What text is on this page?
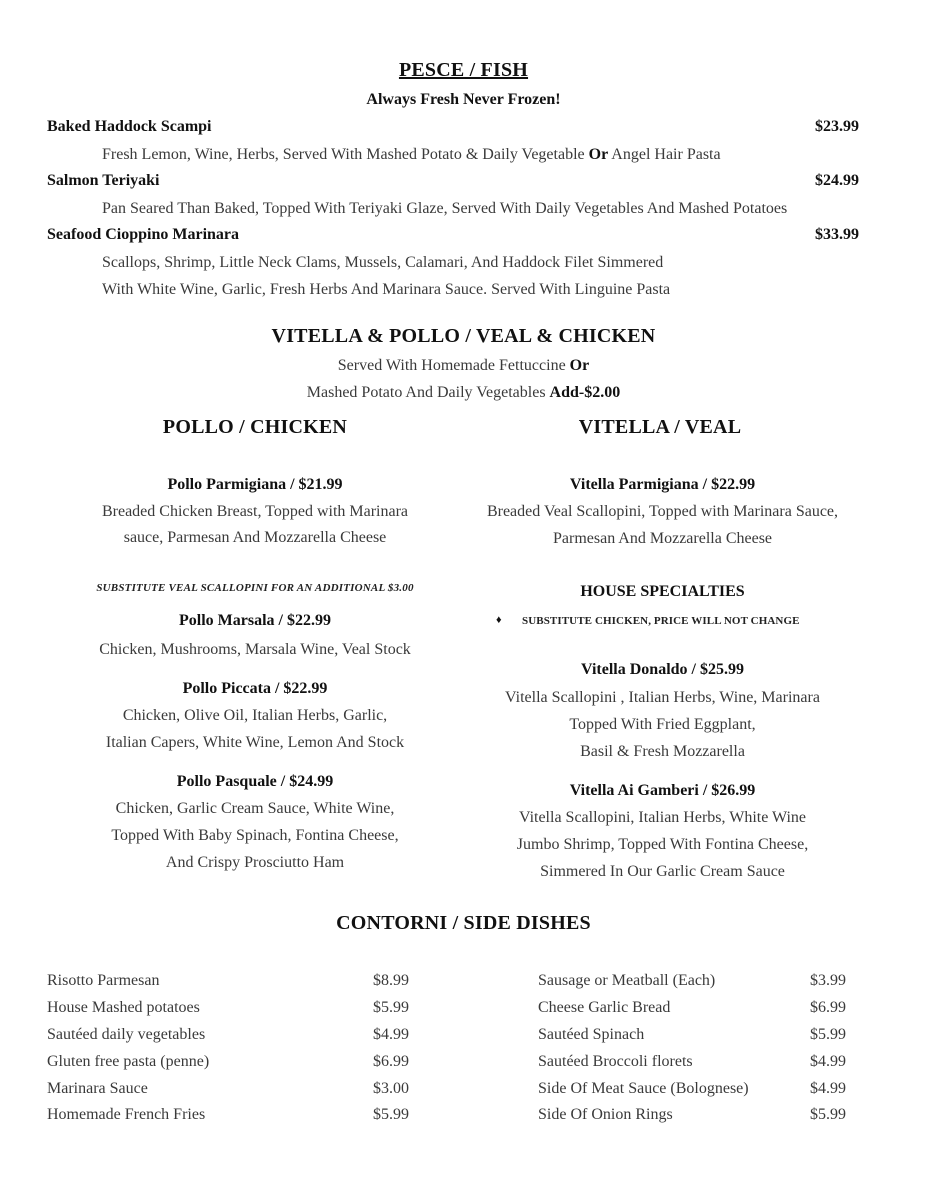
PESCE / FISH
Always Fresh Never Frozen!
Baked Haddock Scampi	$23.99
Fresh Lemon, Wine, Herbs, Served With Mashed Potato & Daily Vegetable Or Angel Hair Pasta
Salmon Teriyaki	$24.99
Pan Seared Than Baked, Topped With Teriyaki Glaze, Served With Daily Vegetables And Mashed Potatoes
Seafood Cioppino Marinara	$33.99
Scallops, Shrimp, Little Neck Clams, Mussels, Calamari, And Haddock Filet Simmered
With White Wine, Garlic, Fresh Herbs And Marinara Sauce. Served With Linguine Pasta
VITELLA & POLLO / VEAL & CHICKEN
Served With Homemade Fettuccine Or
Mashed Potato And Daily Vegetables Add-$2.00
POLLO / CHICKEN	VITELLA / VEAL
Pollo Parmigiana / $21.99
Breaded Chicken Breast, Topped with Marinara
sauce, Parmesan And Mozzarella Cheese
SUBSTITUTE VEAL SCALLOPINI FOR AN ADDITIONAL $3.00
Pollo Marsala / $22.99
Chicken, Mushrooms, Marsala Wine, Veal Stock
Pollo Piccata / $22.99
Chicken, Olive Oil, Italian Herbs, Garlic,
Italian Capers, White Wine, Lemon And Stock
Pollo Pasquale / $24.99
Chicken, Garlic Cream Sauce, White Wine,
Topped With Baby Spinach, Fontina Cheese,
And Crispy Prosciutto Ham
Vitella Parmigiana / $22.99
Breaded Veal Scallopini, Topped with Marinara Sauce,
Parmesan And Mozzarella Cheese
HOUSE SPECIALTIES
♦ SUBSTITUTE CHICKEN, PRICE WILL NOT CHANGE
Vitella Donaldo / $25.99
Vitella Scallopini , Italian Herbs, Wine, Marinara
Topped With Fried Eggplant,
Basil & Fresh Mozzarella
Vitella Ai Gamberi / $26.99
Vitella Scallopini, Italian Herbs, White Wine
Jumbo Shrimp, Topped With Fontina Cheese,
Simmered In Our Garlic Cream Sauce
CONTORNI / SIDE DISHES
Risotto Parmesan	$8.99
House Mashed potatoes	$5.99
Sautéed daily vegetables	$4.99
Gluten free pasta (penne)	$6.99
Marinara Sauce	$3.00
Homemade French Fries	$5.99
Sausage or Meatball (Each)	$3.99
Cheese Garlic Bread	$6.99
Sautéed Spinach	$5.99
Sautéed Broccoli florets	$4.99
Side Of Meat Sauce (Bolognese)	$4.99
Side Of Onion Rings	$5.99
